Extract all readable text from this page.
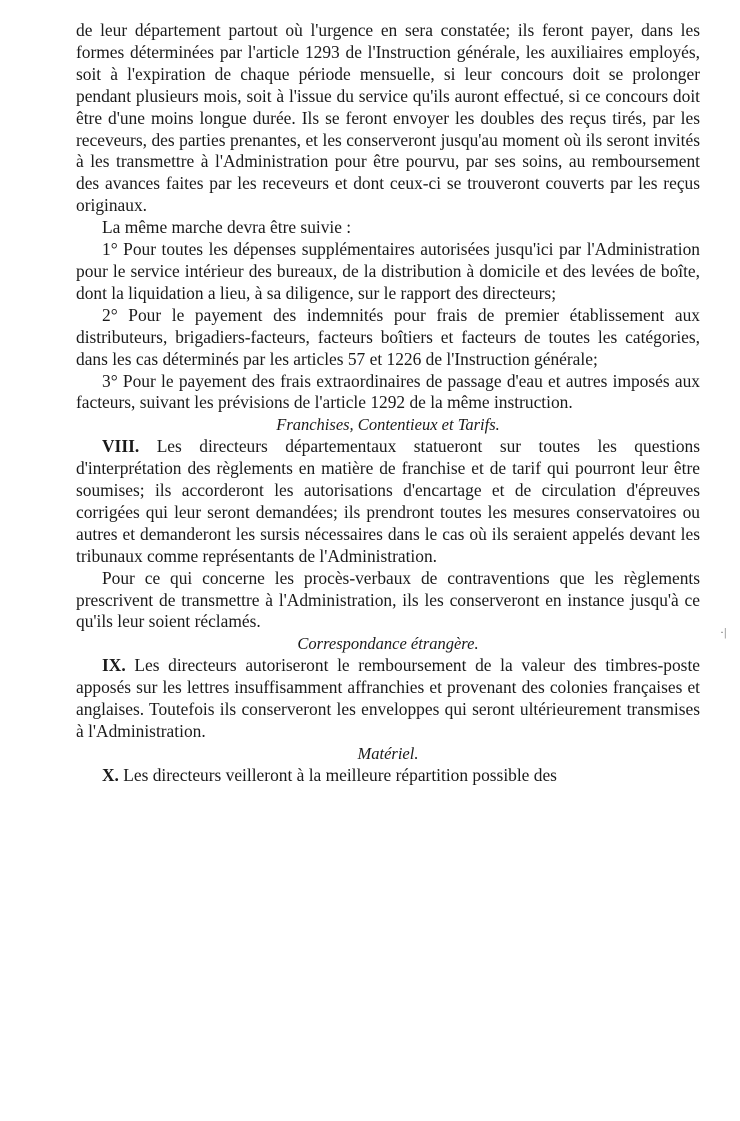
de leur département partout où l'urgence en sera constatée; ils feront payer, dans les formes déterminées par l'article 1293 de l'Instruction générale, les auxiliaires employés, soit à l'expiration de chaque période mensuelle, si leur concours doit se prolonger pendant plusieurs mois, soit à l'issue du service qu'ils auront effectué, si ce concours doit être d'une moins longue durée. Ils se feront envoyer les doubles des reçus tirés, par les receveurs, des parties prenantes, et les conserveront jusqu'au moment où ils seront invités à les transmettre à l'Administration pour être pourvu, par ses soins, au remboursement des avances faites par les receveurs et dont ceux-ci se trouveront couverts par les reçus originaux.

La même marche devra être suivie :

1° Pour toutes les dépenses supplémentaires autorisées jusqu'ici par l'Administration pour le service intérieur des bureaux, de la distribution à domicile et des levées de boîte, dont la liquidation a lieu, à sa diligence, sur le rapport des directeurs;

2° Pour le payement des indemnités pour frais de premier établissement aux distributeurs, brigadiers-facteurs, facteurs boîtiers et facteurs de toutes les catégories, dans les cas déterminés par les articles 57 et 1226 de l'Instruction générale;

3° Pour le payement des frais extraordinaires de passage d'eau et autres imposés aux facteurs, suivant les prévisions de l'article 1292 de la même instruction.

Franchises, Contentieux et Tarifs.

VIII. Les directeurs départementaux statueront sur toutes les questions d'interprétation des règlements en matière de franchise et de tarif qui pourront leur être soumises; ils accorderont les autorisations d'encartage et de circulation d'épreuves corrigées qui leur seront demandées; ils prendront toutes les mesures conservatoires ou autres et demanderont les sursis nécessaires dans le cas où ils seraient appelés devant les tribunaux comme représentants de l'Administration.

Pour ce qui concerne les procès-verbaux de contraventions que les règlements prescrivent de transmettre à l'Administration, ils les conserveront en instance jusqu'à ce qu'ils leur soient réclamés.

Correspondance étrangère.

IX. Les directeurs autoriseront le remboursement de la valeur des timbres-poste apposés sur les lettres insuffisamment affranchies et provenant des colonies françaises et anglaises. Toutefois ils conserveront les enveloppes qui seront ultérieurement transmises à l'Administration.

Matériel.

X. Les directeurs veilleront à la meilleure répartition possible des

·|
